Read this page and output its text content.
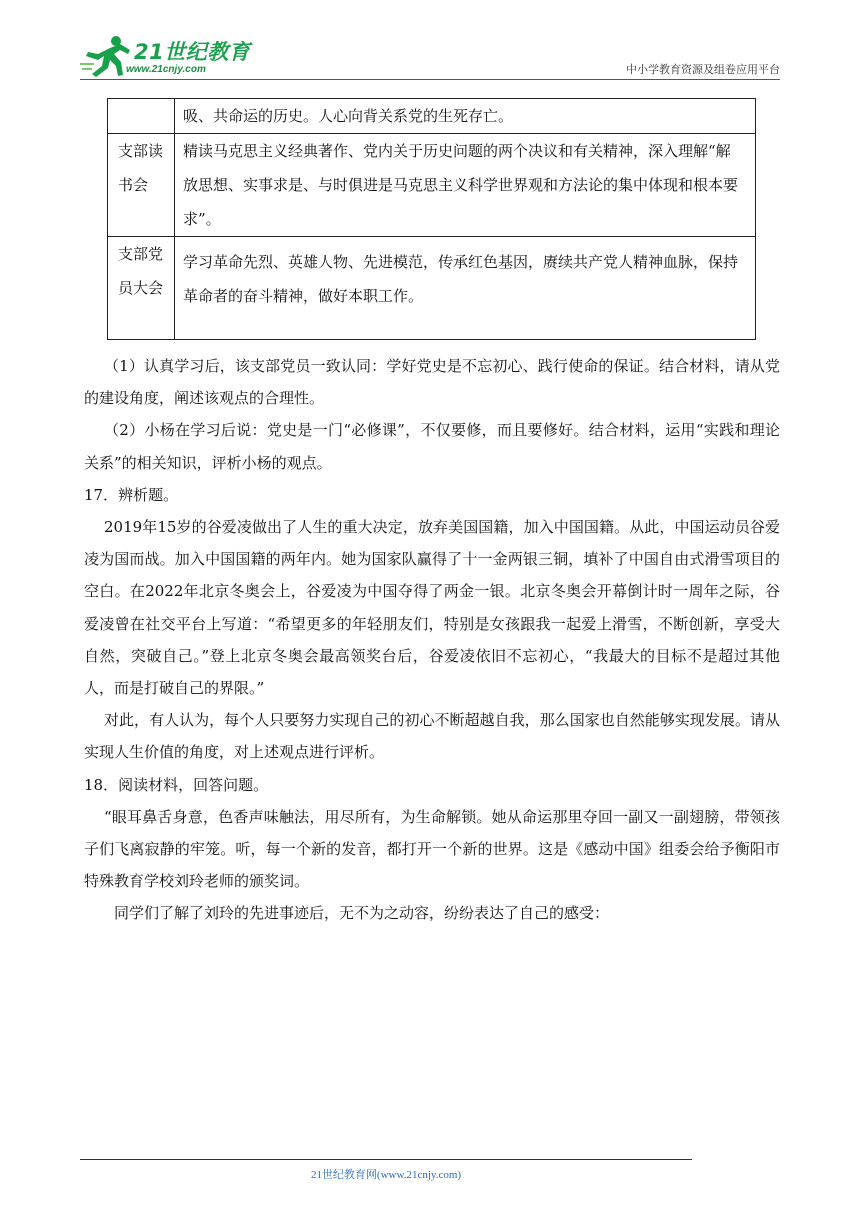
21世纪教育
www.21cnjy.com	中小学教育资源及组卷应用平台
	吸、共命运的历史。人心向背关系党的生死存亡。
支部读书会	精读马克思主义经典著作、党内关于历史问题的两个决议和有关精神，深入理解“解放思想、实事求是、与时俱进是马克思主义科学世界观和方法论的集中体现和根本要求”。
支部党员大会	学习革命先烈、英雄人物、先进模范，传承红色基因，赓续共产党人精神血脉，保持革命者的奋斗精神，做好本职工作。

（1）认真学习后，该支部党员一致认同：学好党史是不忘初心、践行使命的保证。结合材料，请从党的建设角度，阐述该观点的合理性。

（2）小杨在学习后说：党史是一门“必修课”，不仅要修，而且要修好。结合材料，运用“实践和理论关系”的相关知识，评析小杨的观点。

17．辨析题。

2019年15岁的谷爱凌做出了人生的重大决定，放弃美国国籍，加入中国国籍。从此，中国运动员谷爱凌为国而战。加入中国国籍的两年内。她为国家队赢得了十一金两银三铜，填补了中国自由式滑雪项目的空白。在2022年北京冬奥会上，谷爱凌为中国夺得了两金一银。北京冬奥会开幕倒计时一周年之际，谷爱凌曾在社交平台上写道：“希望更多的年轻朋友们，特别是女孩跟我一起爱上滑雪，不断创新，享受大自然，突破自己。”登上北京冬奥会最高领奖台后，谷爱凌依旧不忘初心，“我最大的目标不是超过其他人，而是打破自己的界限。”

对此，有人认为，每个人只要努力实现自己的初心不断超越自我，那么国家也自然能够实现发展。请从实现人生价值的角度，对上述观点进行评析。

18．阅读材料，回答问题。

“眼耳鼻舌身意，色香声味触法，用尽所有，为生命解锁。她从命运那里夺回一副又一副翅膀，带领孩子们飞离寂静的牢笼。听，每一个新的发音，都打开一个新的世界。这是《感动中国》组委会给予衡阳市特殊教育学校刘玲老师的颁奖词。

同学们了解了刘玲的先进事迹后，无不为之动容，纷纷表达了自己的感受：

21世纪教育网(www.21cnjy.com)
